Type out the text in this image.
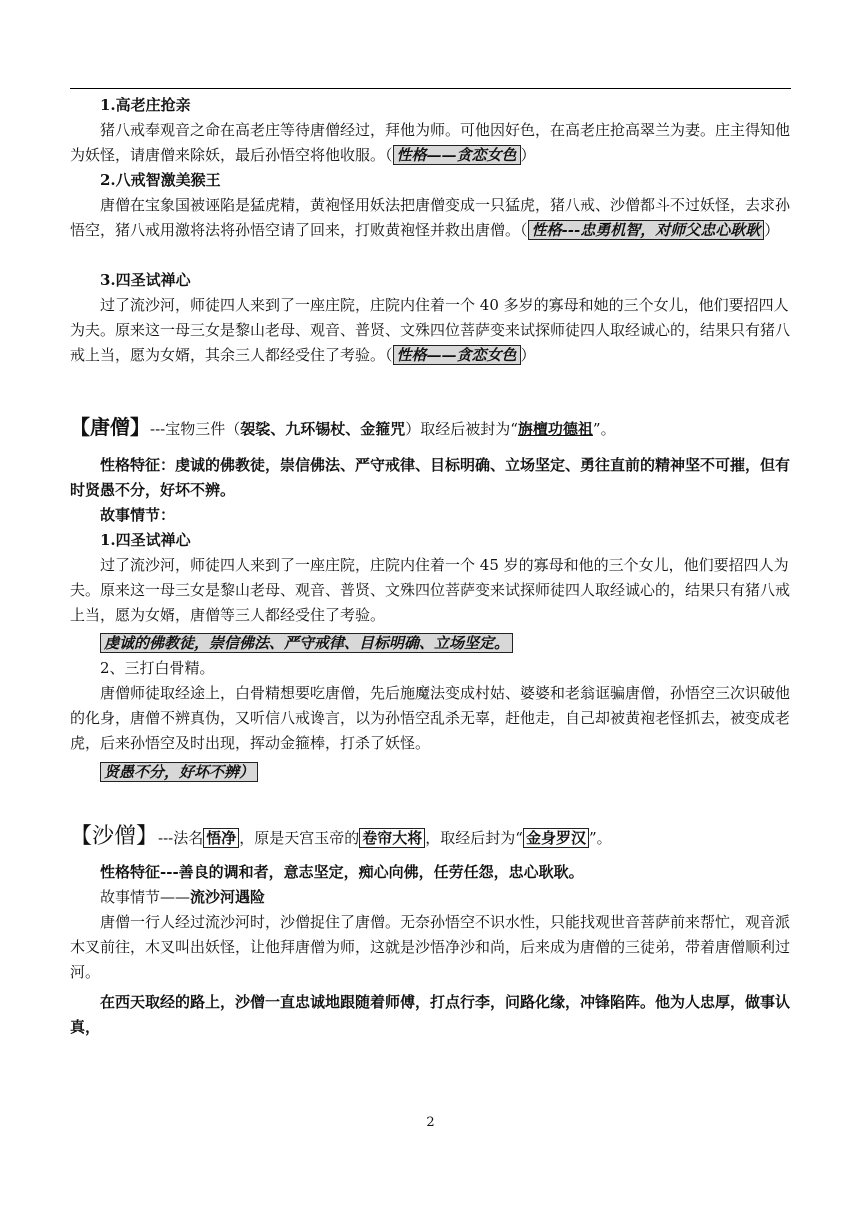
1.高老庄抢亲

猪八戒奉观音之命在高老庄等待唐僧经过，拜他为师。可他因好色，在高老庄抢高翠兰为妻。庄主得知他为妖怪，请唐僧来除妖，最后孙悟空将他收服。（ 性格——贪恋女色 ）

2.八戒智激美猴王

唐僧在宝象国被诬陷是猛虎精，黄袍怪用妖法把唐僧变成一只猛虎，猪八戒、沙僧都斗不过妖怪，去求孙悟空，猪八戒用激将法将孙悟空请了回来，打败黄袍怪并救出唐僧。（ 性格---忠勇机智，对师父忠心耿耿 ）

3.四圣试禅心

过了流沙河，师徒四人来到了一座庄院，庄院内住着一个 40 多岁的寡母和她的三个女儿，他们要招四人为夫。原来这一母三女是黎山老母、观音、普贤、文殊四位菩萨变来试探师徒四人取经诚心的，结果只有猪八戒上当，愿为女婿，其余三人都经受住了考验。（ 性格——贪恋女色 ）

【唐僧】---宝物三件（袈裟、九环锡杖、金箍咒）取经后被封为“旃檀功德祖”。

性格特征：虔诚的佛教徒，崇信佛法、严守戒律、目标明确、立场坚定、勇往直前的精神坚不可摧，但有时贤愚不分，好坏不辨。

故事情节：

1.四圣试禅心

过了流沙河，师徒四人来到了一座庄院，庄院内住着一个 45 岁的寡母和他的三个女儿，他们要招四人为夫。原来这一母三女是黎山老母、观音、普贤、文殊四位菩萨变来试探师徒四人取经诚心的，结果只有猪八戒上当，愿为女婿，唐僧等三人都经受住了考验。

虔诚的佛教徒，崇信佛法、严守戒律、目标明确、立场坚定。

2、三打白骨精。

唐僧师徒取经途上，白骨精想要吃唐僧，先后施魔法变成村姑、婆婆和老翁诓骗唐僧，孙悟空三次识破他的化身，唐僧不辨真伪，又听信八戒谗言，以为孙悟空乱杀无辜，赶他走，自己却被黄袍老怪抓去，被变成老虎，后来孙悟空及时出现，挥动金箍棒，打杀了妖怪。

贤愚不分，好坏不辨）

【沙僧】---法名 悟净 ，原是天宫玉帝的 卷帘大将 ，取经后封为“ 金身罗汉 ”。

性格特征---善良的调和者，意志坚定，痴心向佛，任劳任怨，忠心耿耿。

故事情节——流沙河遇险

唐僧一行人经过流沙河时，沙僧捉住了唐僧。无奈孙悟空不识水性，只能找观世音菩萨前来帮忙，观音派木叉前往，木叉叫出妖怪，让他拜唐僧为师，这就是沙悟净沙和尚，后来成为唐僧的三徒弟，带着唐僧顺利过河。

在西天取经的路上，沙僧一直忠诚地跟随着师傅，打点行李，问路化缘，冲锋陷阵。他为人忠厚，做事认真，

2
